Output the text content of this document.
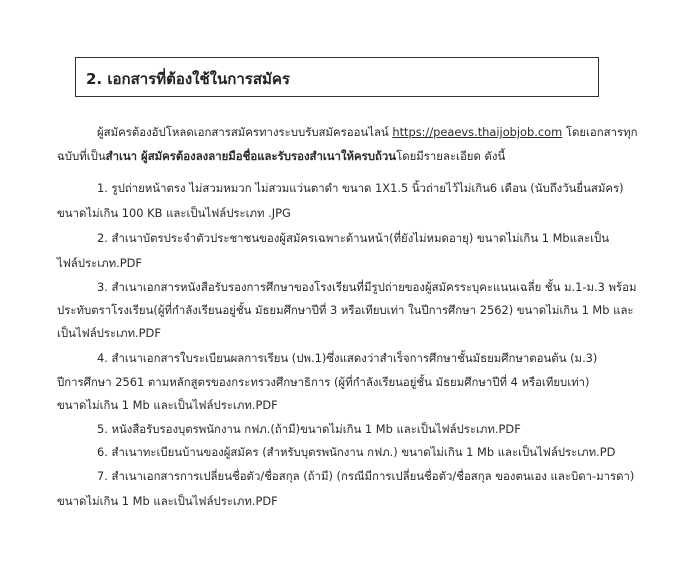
2. เอกสารที่ต้องใช้ในการสมัคร
ผู้สมัครต้องอัปโหลดเอกสารสมัครทางระบบรับสมัครออนไลน์ https://peaevs.thaijobjob.com โดยเอกสารทุก
ฉบับที่เป็นสำเนา ผู้สมัครต้องลงลายมือชื่อและรับรองสำเนาให้ครบถ้วนโดยมีรายละเอียด ดังนี้
1. รูปถ่ายหน้าตรง ไม่สวมหมวก ไม่สวมแว่นตาดำ ขนาด 1X1.5 นิ้วถ่ายไว้ไม่เกิน6 เดือน (นับถึงวันยื่นสมัคร)
ขนาดไม่เกิน 100 KB และเป็นไฟล์ประเภท .JPG
2. สำเนาบัตรประจำตัวประชาชนของผู้สมัครเฉพาะด้านหน้า(ที่ยังไม่หมดอายุ) ขนาดไม่เกิน 1 Mbและเป็น
ไฟล์ประเภท.PDF
3. สำเนาเอกสารหนังสือรับรองการศึกษาของโรงเรียนที่มีรูปถ่ายของผู้สมัครระบุคะแนนเฉลี่ย ชั้น ม.1-ม.3 พร้อม
ประทับตราโรงเรียน(ผู้ที่กำลังเรียนอยู่ชั้น มัธยมศึกษาปีที่ 3 หรือเทียบเท่า ในปีการศึกษา 2562) ขนาดไม่เกิน 1 Mb และ
เป็นไฟล์ประเภท.PDF
4. สำเนาเอกสารใบระเบียนผลการเรียน (ปพ.1)ซึ่งแสดงว่าสำเร็จการศึกษาชั้นมัธยมศึกษาตอนต้น (ม.3)
ปีการศึกษา 2561 ตามหลักสูตรของกระทรวงศึกษาธิการ (ผู้ที่กำลังเรียนอยู่ชั้น มัธยมศึกษาปีที่ 4 หรือเทียบเท่า)
ขนาดไม่เกิน 1 Mb และเป็นไฟล์ประเภท.PDF
5. หนังสือรับรองบุตรพนักงาน กฟภ.(ถ้ามี)ขนาดไม่เกิน 1 Mb และเป็นไฟล์ประเภท.PDF
6. สำเนาทะเบียนบ้านของผู้สมัคร (สำหรับบุตรพนักงาน กฟภ.) ขนาดไม่เกิน 1 Mb และเป็นไฟล์ประเภท.PD
7. สำเนาเอกสารการเปลี่ยนชื่อตัว/ชื่อสกุล (ถ้ามี) (กรณีมีการเปลี่ยนชื่อตัว/ชื่อสกุล ของตนเอง และบิดา-มารดา)
ขนาดไม่เกิน 1 Mb และเป็นไฟล์ประเภท.PDF
